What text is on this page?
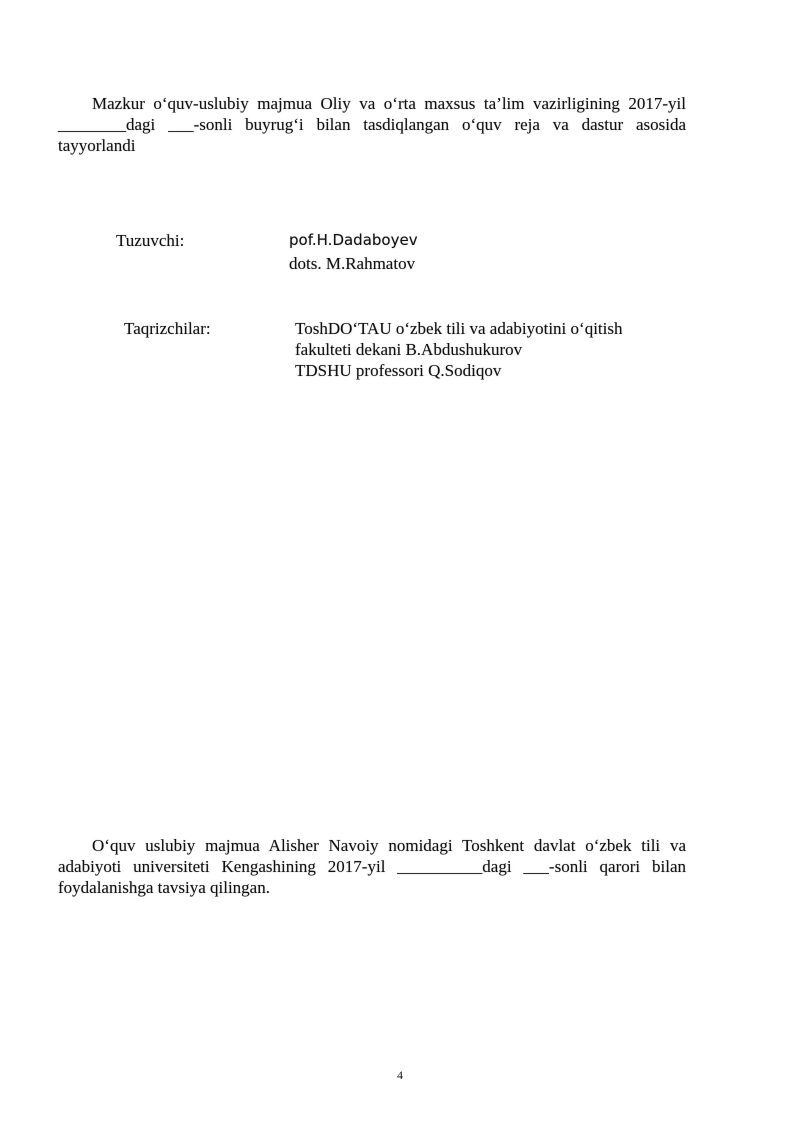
Mazkur o‘quv-uslubiy majmua Oliy va o‘rta maxsus ta’lim vazirligining 2017-yil ________dagi ___-sonli buyrug‘i bilan tasdiqlangan o‘quv reja va dastur asosida tayyorlandi

Tuzuvchi:	pof.H.Dadaboyev
dots. M.Rahmatov
Taqrizchilar:	ToshDO‘TAU o‘zbek tili va adabiyotini o‘qitish
fakulteti dekani B.Abdushukurov
TDSHU professori Q.Sodiqov

O‘quv uslubiy majmua Alisher Navoiy nomidagi Toshkent davlat o‘zbek tili va adabiyoti universiteti Kengashining 2017-yil __________dagi ___-sonli qarori bilan foydalanishga tavsiya qilingan.

4
